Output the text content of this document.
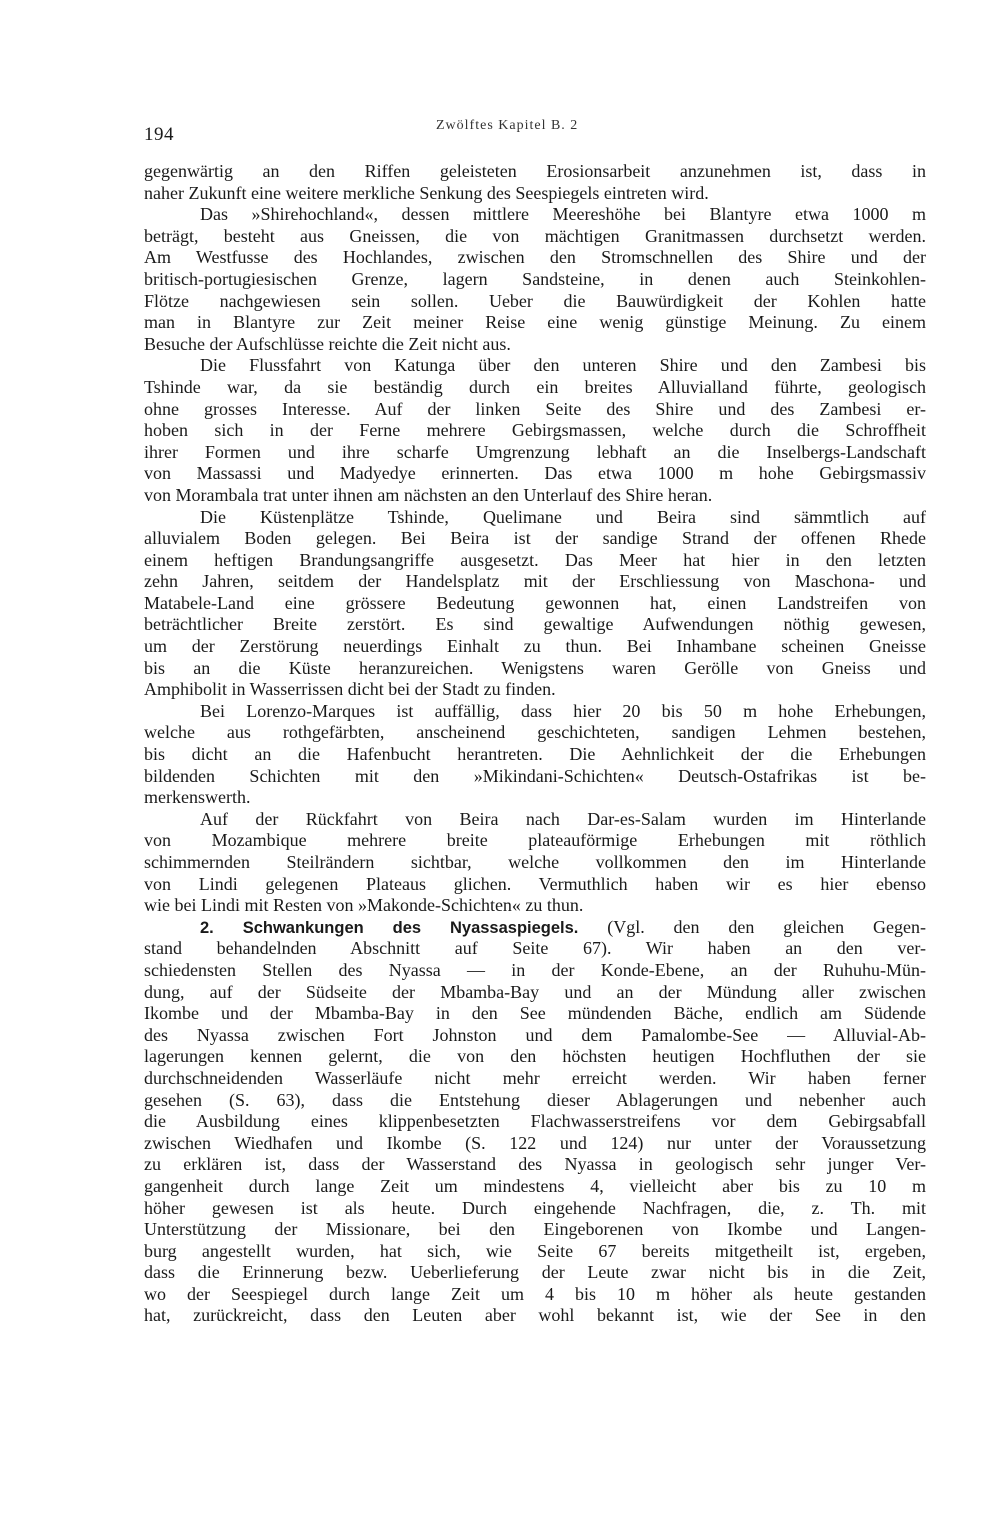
194	Zwölftes Kapitel B. 2
gegenwärtig an den Riffen geleisteten Erosionsarbeit anzunehmen ist, dass in
naher Zukunft eine weitere merkliche Senkung des Seespiegels eintreten wird.
Das »Shirehochland«, dessen mittlere Meereshöhe bei Blantyre etwa 1000 m
beträgt, besteht aus Gneissen, die von mächtigen Granitmassen durchsetzt werden.
Am Westfusse des Hochlandes, zwischen den Stromschnellen des Shire und der
britisch-portugiesischen Grenze, lagern Sandsteine, in denen auch Steinkohlen-
Flötze nachgewiesen sein sollen. Ueber die Bauwürdigkeit der Kohlen hatte
man in Blantyre zur Zeit meiner Reise eine wenig günstige Meinung. Zu einem
Besuche der Aufschlüsse reichte die Zeit nicht aus.
Die Flussfahrt von Katunga über den unteren Shire und den Zambesi bis
Tshinde war, da sie beständig durch ein breites Alluvialland führte, geologisch
ohne grosses Interesse. Auf der linken Seite des Shire und des Zambesi er-
hoben sich in der Ferne mehrere Gebirgsmassen, welche durch die Schroffheit
ihrer Formen und ihre scharfe Umgrenzung lebhaft an die Inselbergs-Landschaft
von Massassi und Madyedye erinnerten. Das etwa 1000 m hohe Gebirgsmassiv
von Morambala trat unter ihnen am nächsten an den Unterlauf des Shire heran.
Die Küstenplätze Tshinde, Quelimane und Beira sind sämmtlich auf
alluvialem Boden gelegen. Bei Beira ist der sandige Strand der offenen Rhede
einem heftigen Brandungsangriffe ausgesetzt. Das Meer hat hier in den letzten
zehn Jahren, seitdem der Handelsplatz mit der Erschliessung von Maschona- und
Matabele-Land eine grössere Bedeutung gewonnen hat, einen Landstreifen von
beträchtlicher Breite zerstört. Es sind gewaltige Aufwendungen nöthig gewesen,
um der Zerstörung neuerdings Einhalt zu thun. Bei Inhambane scheinen Gneisse
bis an die Küste heranzureichen. Wenigstens waren Gerölle von Gneiss und
Amphibolit in Wasserrissen dicht bei der Stadt zu finden.
Bei Lorenzo-Marques ist auffällig, dass hier 20 bis 50 m hohe Erhebungen,
welche aus rothgefärbten, anscheinend geschichteten, sandigen Lehmen bestehen,
bis dicht an die Hafenbucht herantreten. Die Aehnlichkeit der die Erhebungen
bildenden Schichten mit den »Mikindani-Schichten« Deutsch-Ostafrikas ist be-
merkenswerth.
Auf der Rückfahrt von Beira nach Dar-es-Salam wurden im Hinterlande
von Mozambique mehrere breite plateauförmige Erhebungen mit röthlich
schimmernden Steilrändern sichtbar, welche vollkommen den im Hinterlande
von Lindi gelegenen Plateaus glichen. Vermuthlich haben wir es hier ebenso
wie bei Lindi mit Resten von »Makonde-Schichten« zu thun.
2. Schwankungen des Nyassaspiegels. (Vgl. den den gleichen Gegen-
stand behandelnden Abschnitt auf Seite 67). Wir haben an den ver-
schiedensten Stellen des Nyassa — in der Konde-Ebene, an der Ruhuhu-Mün-
dung, auf der Südseite der Mbamba-Bay und an der Mündung aller zwischen
Ikombe und der Mbamba-Bay in den See mündenden Bäche, endlich am Südende
des Nyassa zwischen Fort Johnston und dem Pamalombe-See — Alluvial-Ab-
lagerungen kennen gelernt, die von den höchsten heutigen Hochfluthen der sie
durchschneidenden Wasserläufe nicht mehr erreicht werden. Wir haben ferner
gesehen (S. 63), dass die Entstehung dieser Ablagerungen und nebenher auch
die Ausbildung eines klippenbesetzten Flachwasserstreifens vor dem Gebirgsabfall
zwischen Wiedhafen und Ikombe (S. 122 und 124) nur unter der Voraussetzung
zu erklären ist, dass der Wasserstand des Nyassa in geologisch sehr junger Ver-
gangenheit durch lange Zeit um mindestens 4, vielleicht aber bis zu 10 m
höher gewesen ist als heute. Durch eingehende Nachfragen, die, z. Th. mit
Unterstützung der Missionare, bei den Eingeborenen von Ikombe und Langen-
burg angestellt wurden, hat sich, wie Seite 67 bereits mitgetheilt ist, ergeben,
dass die Erinnerung bezw. Ueberlieferung der Leute zwar nicht bis in die Zeit,
wo der Seespiegel durch lange Zeit um 4 bis 10 m höher als heute gestanden
hat, zurückreicht, dass den Leuten aber wohl bekannt ist, wie der See in den
